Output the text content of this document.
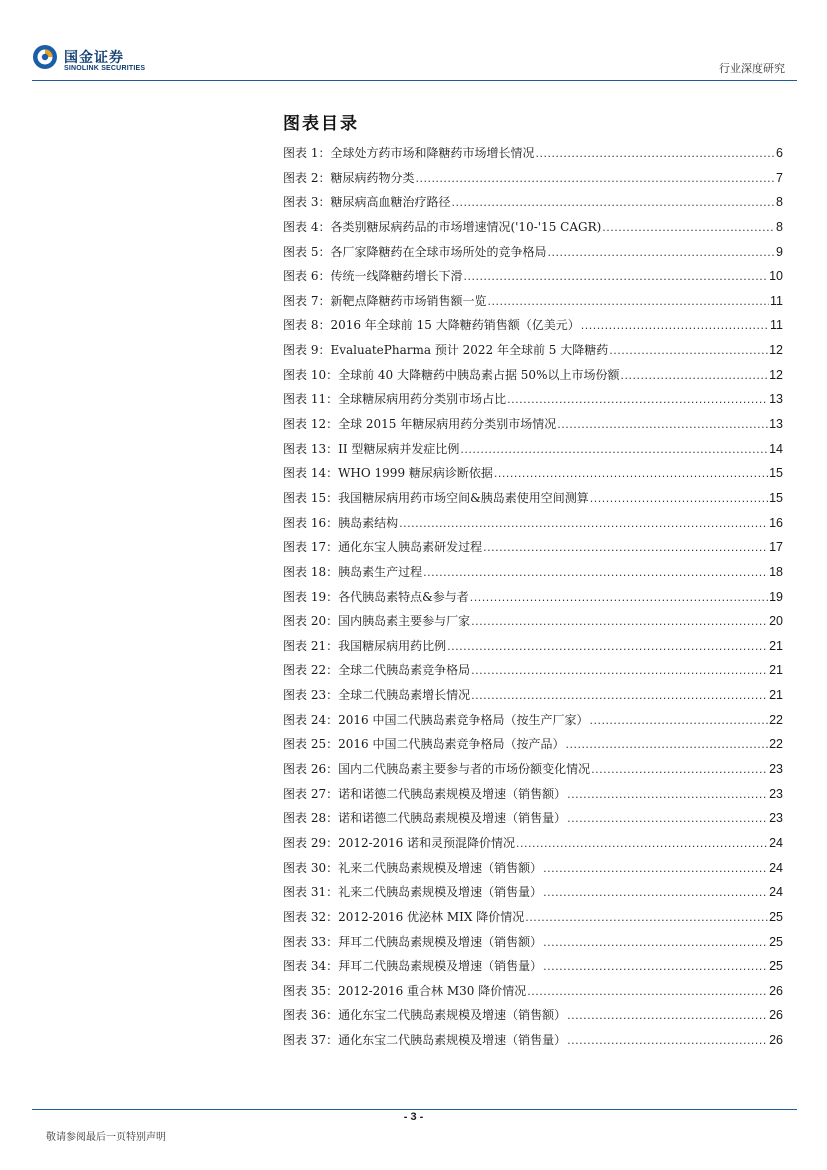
国金证券
SINOLINK SECURITIES	行业深度研究
图表目录
图表 1：全球处方药市场和降糖药市场增长情况 .....	6
图表 2：糖尿病药物分类 .....	7
图表 3：糖尿病高血糖治疗路径 .....	8
图表 4：各类别糖尿病药品的市场增速情况('10-'15 CAGR) .....	8
图表 5：各厂家降糖药在全球市场所处的竞争格局 .....	9
图表 6：传统一线降糖药增长下滑 .....	10
图表 7：新靶点降糖药市场销售额一览 .....	11
图表 8：2016 年全球前 15 大降糖药销售额（亿美元） .....	11
图表 9：EvaluatePharma 预计 2022 年全球前 5 大降糖药 .....	12
图表 10：全球前 40 大降糖药中胰岛素占据 50%以上市场份额 .....	12
图表 11：全球糖尿病用药分类别市场占比 .....	13
图表 12：全球 2015 年糖尿病用药分类别市场情况 .....	13
图表 13：II 型糖尿病并发症比例 .....	14
图表 14：WHO 1999 糖尿病诊断依据 .....	15
图表 15：我国糖尿病用药市场空间&胰岛素使用空间测算 .....	15
图表 16：胰岛素结构 .....	16
图表 17：通化东宝人胰岛素研发过程 .....	17
图表 18：胰岛素生产过程 .....	18
图表 19：各代胰岛素特点&参与者 .....	19
图表 20：国内胰岛素主要参与厂家 .....	20
图表 21：我国糖尿病用药比例 .....	21
图表 22：全球二代胰岛素竞争格局 .....	21
图表 23：全球二代胰岛素增长情况 .....	21
图表 24：2016 中国二代胰岛素竞争格局（按生产厂家） .....	22
图表 25：2016 中国二代胰岛素竞争格局（按产品） .....	22
图表 26：国内二代胰岛素主要参与者的市场份额变化情况 .....	23
图表 27：诺和诺德二代胰岛素规模及增速（销售额） .....	23
图表 28：诺和诺德二代胰岛素规模及增速（销售量） .....	23
图表 29：2012-2016 诺和灵预混降价情况 .....	24
图表 30：礼来二代胰岛素规模及增速（销售额） .....	24
图表 31：礼来二代胰岛素规模及增速（销售量） .....	24
图表 32：2012-2016 优泌林 MIX 降价情况 .....	25
图表 33：拜耳二代胰岛素规模及增速（销售额） .....	25
图表 34：拜耳二代胰岛素规模及增速（销售量） .....	25
图表 35：2012-2016 重合林 M30 降价情况 .....	26
图表 36：通化东宝二代胰岛素规模及增速（销售额） .....	26
图表 37：通化东宝二代胰岛素规模及增速（销售量） .....	26
- 3 -
敬请参阅最后一页特别声明
